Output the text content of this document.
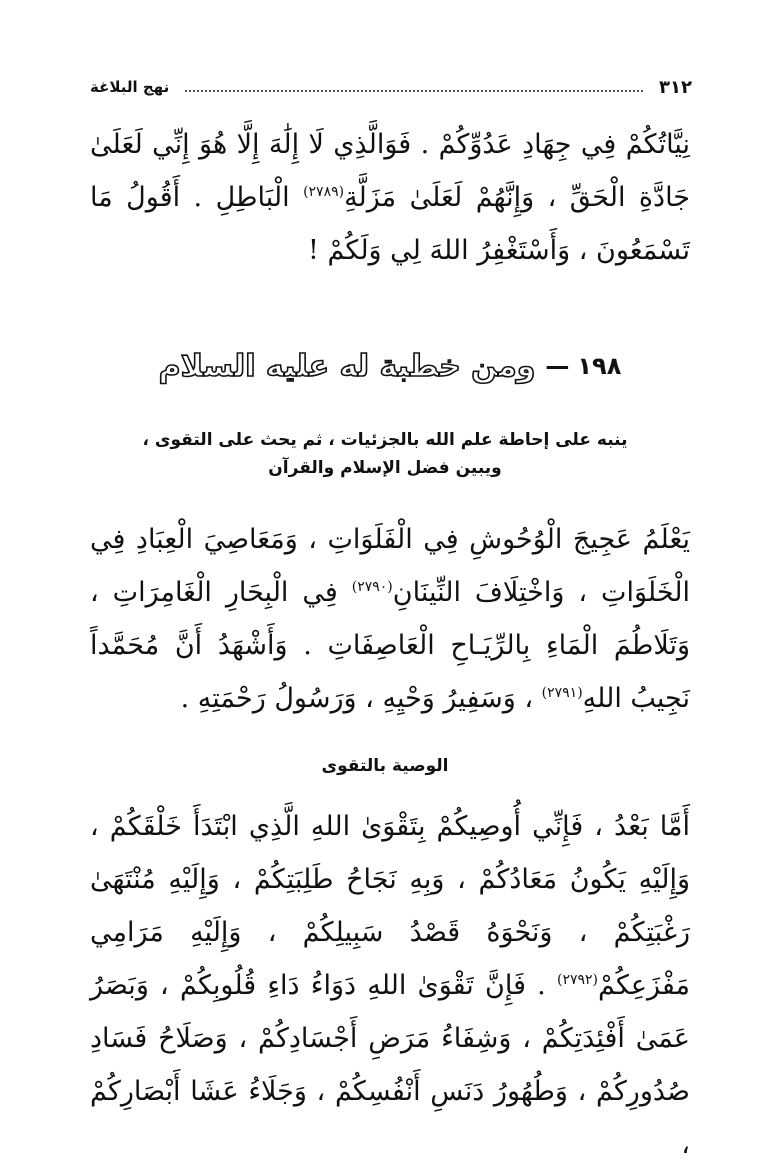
٣١٢
نهج البلاغة

نِيَّاتُكُمْ فِي جِهَادِ عَدُوِّكُمْ . فَوَالَّذِي لَا إِلَٰهَ إِلَّا هُوَ إِنِّي لَعَلَىٰ جَادَّةِ الْحَقِّ ، وَإِنَّهُمْ لَعَلَىٰ مَزَلَّةِ$^{(٢٧٨٩)}$ الْبَاطِلِ . أَقُولُ مَا تَسْمَعُونَ ، وَأَسْتَغْفِرُ اللهَ لِي وَلَكُمْ !

١٩٨
—
ومن خطبة له عليه السلام
ينبه على إحاطة علم الله بالجزئيات ، ثم يحث على التقوى ،
ويبين فضل الإسلام والقرآن

يَعْلَمُ عَجِيجَ الْوُحُوشِ فِي الْفَلَوَاتِ ، وَمَعَاصِيَ الْعِبَادِ فِي الْخَلَوَاتِ ، وَاخْتِلَافَ النِّينَانِ$^{(٢٧٩٠)}$ فِي الْبِحَارِ الْغَامِرَاتِ ، وَتَلَاطُمَ الْمَاءِ بِالرِّيَـاحِ الْعَاصِفَاتِ . وَأَشْهَدُ أَنَّ مُحَمَّداً نَجِيبُ اللهِ$^{(٢٧٩١)}$ ، وَسَفِيرُ وَحْيِهِ ، وَرَسُولُ رَحْمَتِهِ .

الوصية بالتقوى

أَمَّا بَعْدُ ، فَإِنِّي أُوصِيكُمْ بِتَقْوَىٰ اللهِ الَّذِي ابْتَدَأَ خَلْقَكُمْ ، وَإِلَيْهِ يَكُونُ مَعَادُكُمْ ، وَبِهِ نَجَاحُ طَلِبَتِكُمْ ، وَإِلَيْهِ مُنْتَهَىٰ رَغْبَتِكُمْ ، وَنَحْوَهُ قَصْدُ سَبِيلِكُمْ ، وَإِلَيْهِ مَرَامِي مَفْزَعِكُمْ$^{(٢٧٩٢)}$ . فَإِنَّ تَقْوَىٰ اللهِ دَوَاءُ دَاءِ قُلُوبِكُمْ ، وَبَصَرُ عَمَىٰ أَفْئِدَتِكُمْ ، وَشِفَاءُ مَرَضِ أَجْسَادِكُمْ ، وَصَلَاحُ فَسَادِ صُدُورِكُمْ ، وَطُهُورُ دَنَسِ أَنْفُسِكُمْ ، وَجَلَاءُ عَشَا أَبْصَارِكُمْ ،
